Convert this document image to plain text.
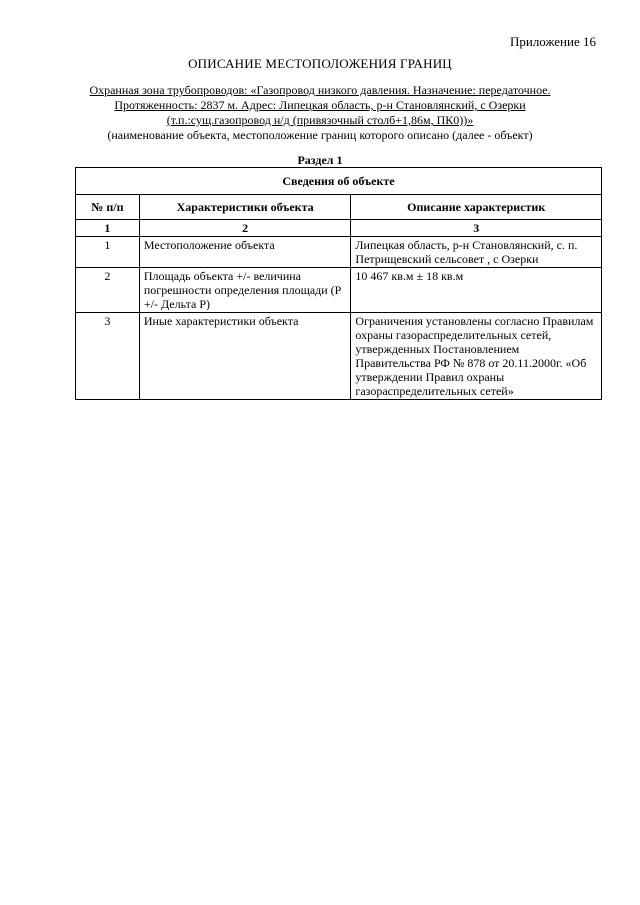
Приложение 16
ОПИСАНИЕ МЕСТОПОЛОЖЕНИЯ ГРАНИЦ
Охранная зона трубопроводов: «Газопровод низкого давления. Назначение: передаточное.
Протяженность: 2837 м. Адрес: Липецкая область, р-н Становлянский, с Озерки
(т.п.:сущ.газопровод н/д (привязочный столб+1,86м, ПК0))»
(наименование объекта, местоположение границ которого описано (далее - объект)
Раздел 1
Сведения об объекте		
№ п/п	Характеристики объекта	Описание характеристик
1	2	3
1	Местоположение объекта	Липецкая область, р-н Становлянский, с. п. Петрищевский сельсовет , с Озерки
2	Площадь объекта +/- величина погрешности определения площади (Р +/- Дельта Р)	10 467 кв.м ± 18 кв.м
3	Иные характеристики объекта	Ограничения установлены согласно Правилам охраны газораспределительных сетей, утвержденных Постановлением Правительства РФ № 878 от 20.11.2000г. «Об утверждении Правил охраны газораспределительных сетей»
